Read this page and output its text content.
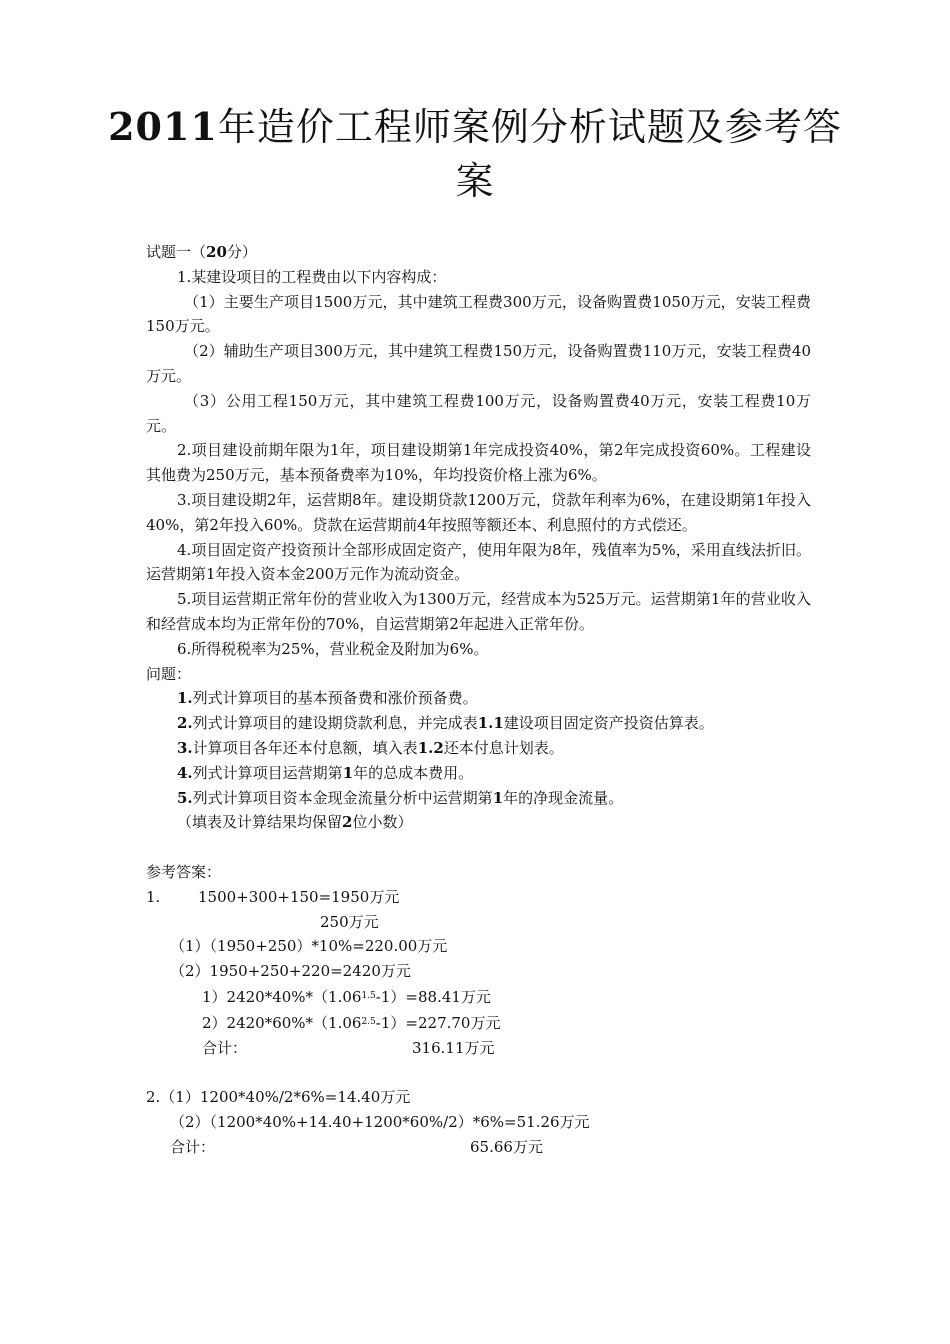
2011年造价工程师案例分析试题及参考答
案
试题一（20分）
1.某建设项目的工程费由以下内容构成：
（1）主要生产项目1500万元，其中建筑工程费300万元，设备购置费1050万元，安装工程费150万元。
（2）辅助生产项目300万元，其中建筑工程费150万元，设备购置费110万元，安装工程费40万元。
（3）公用工程150万元，其中建筑工程费100万元，设备购置费40万元，安装工程费10万元。
2.项目建设前期年限为1年，项目建设期第1年完成投资40%，第2年完成投资60%。工程建设其他费为250万元，基本预备费率为10%，年均投资价格上涨为6%。
3.项目建设期2年，运营期8年。建设期贷款1200万元，贷款年利率为6%，在建设期第1年投入40%，第2年投入60%。贷款在运营期前4年按照等额还本、利息照付的方式偿还。
4.项目固定资产投资预计全部形成固定资产，使用年限为8年，残值率为5%，采用直线法折旧。运营期第1年投入资本金200万元作为流动资金。
5.项目运营期正常年份的营业收入为1300万元，经营成本为525万元。运营期第1年的营业收入和经营成本均为正常年份的70%，自运营期第2年起进入正常年份。
6.所得税税率为25%，营业税金及附加为6%。
问题：
1.列式计算项目的基本预备费和涨价预备费。
2.列式计算项目的建设期贷款利息，并完成表1.1建设项目固定资产投资估算表。
3.计算项目各年还本付息额，填入表1.2还本付息计划表。
4.列式计算项目运营期第1年的总成本费用。
5.列式计算项目资本金现金流量分析中运营期第1年的净现金流量。
（填表及计算结果均保留2位小数）
参考答案：
1.	1500+300+150=1950万元
250万元
（1）（1950+250）*10%=220.00万元
（2）1950+250+220=2420万元
$1)2420*40\%*(1.06^{1.5}-1)=88.41$万元
$2)2420*60\%*(1.06^{2.5}-1)=227.70$万元
合计：	316.11万元
2.（1）1200*40%/2*6%=14.40万元
（2）（1200*40%+14.40+1200*60%/2）*6%=51.26万元
合计：	65.66万元
